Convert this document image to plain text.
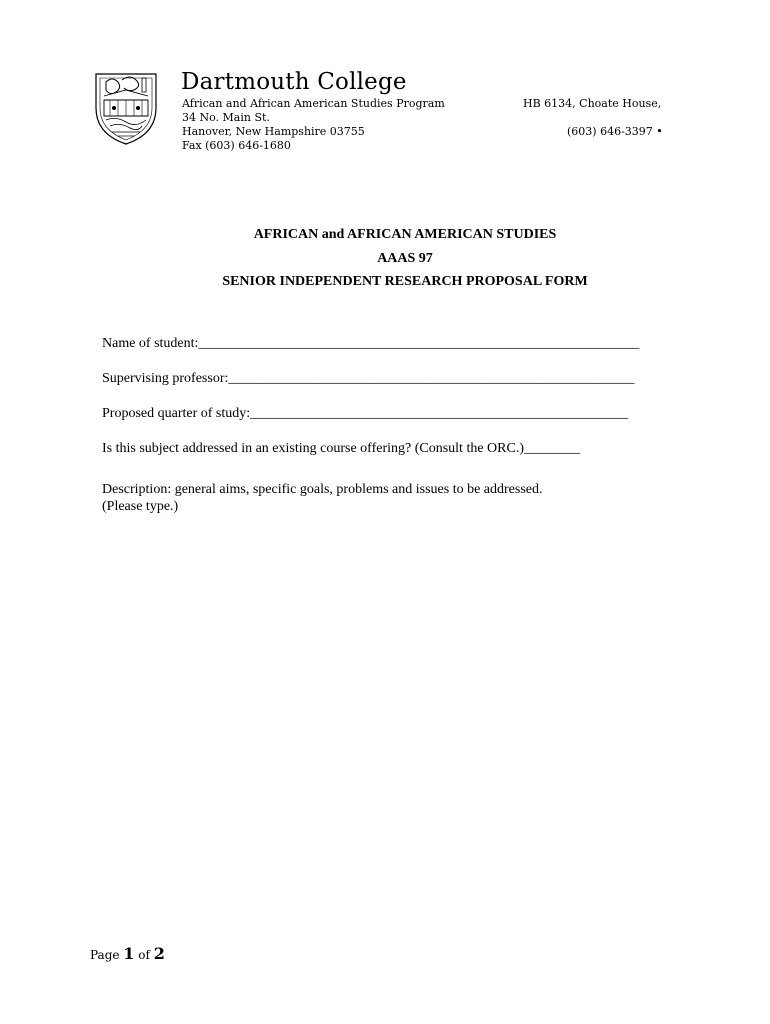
Dartmouth College
African and African American Studies Program
34 No. Main St.
Hanover, New Hampshire 03755
Fax (603) 646-1680
HB 6134, Choate House,
(603) 646-3397 •
AFRICAN and AFRICAN AMERICAN STUDIES
AAAS 97
SENIOR INDEPENDENT RESEARCH PROPOSAL FORM
Name of student:_______________________________________________________________
Supervising professor:__________________________________________________________
Proposed quarter of study:______________________________________________________
Is this subject addressed in an existing course offering? (Consult the ORC.)________
Description: general aims, specific goals, problems and issues to be addressed.
(Please type.)
Page 1 of 2
